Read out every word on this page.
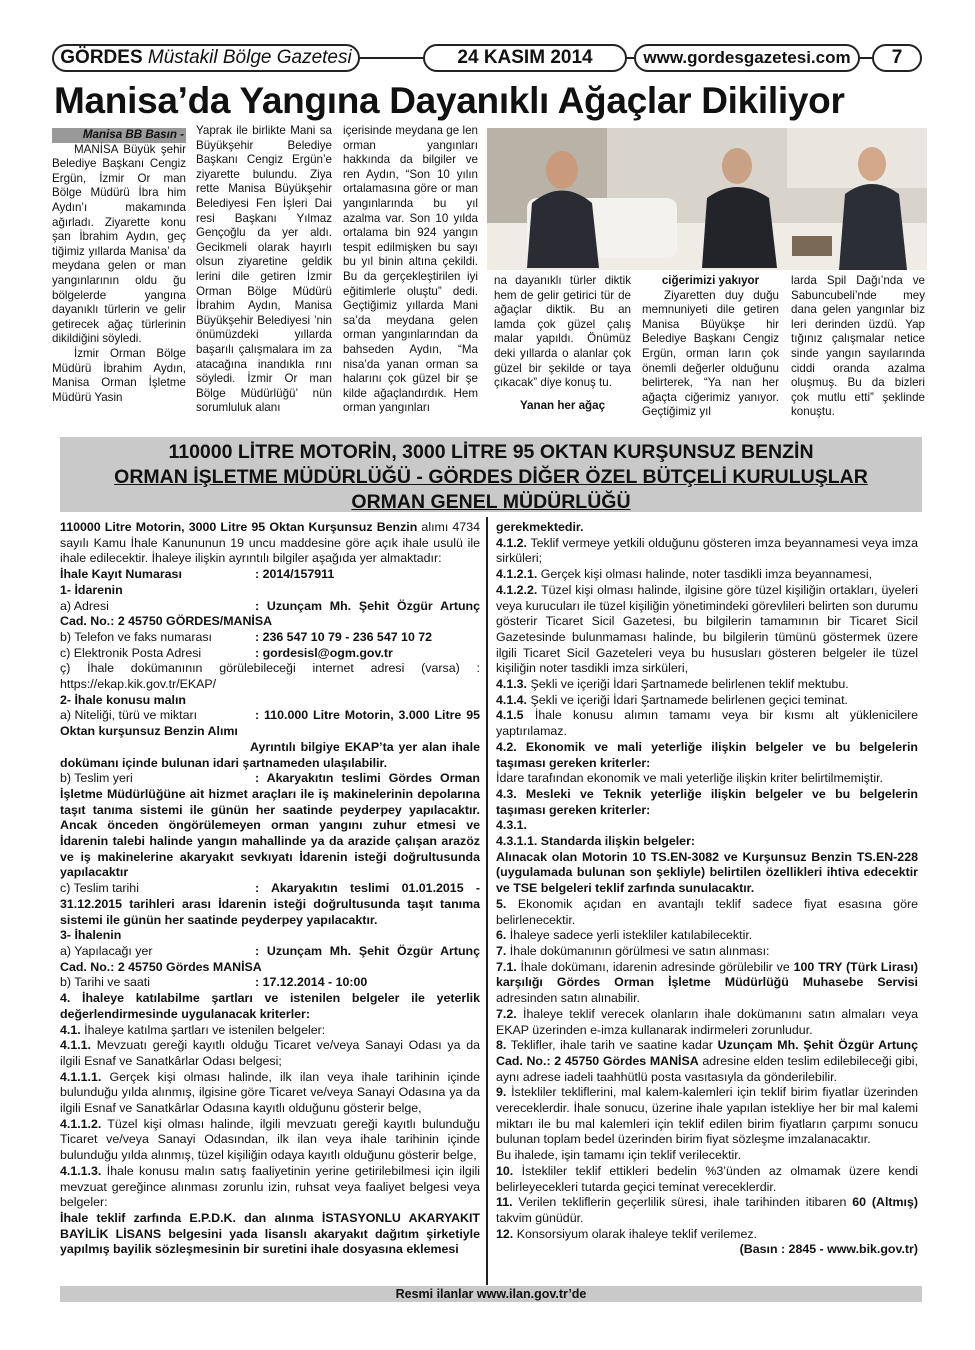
GÖRDES
Müstakil Bölge Gazetesi	24 KASIM 2014	www.gordesgazetesi.com 7
Manisa’da Yangına Dayanıklı Ağaçlar Dikiliyor
Manisa BB Basın -

MANİSA Büyük şehir Belediye Başkanı Cengiz Ergün, İzmir Or man Bölge Müdürü İbra him Aydın’ı makamında ağırladı. Ziyarette konu şan İbrahim Aydın, geç tiğimiz yıllarda Manisa’ da meydana gelen or man yangınlarının oldu ğu bölgelerde yangına dayanıklı türlerin ve gelir getirecek ağaç türlerinin dikildiğini söyledi.

İzmir Orman Bölge Müdürü İbrahim Aydın, Manisa Orman İşletme Müdürü Yasin

Yaprak ile birlikte Mani sa Büyükşehir Belediye Başkanı Cengiz Ergün’e ziyarette bulundu. Ziya rette Manisa Büyükşehir Belediyesi Fen İşleri Dai resi Başkanı Yılmaz Gençoğlu da yer aldı. Gecikmeli olarak hayırlı olsun ziyaretine geldik lerini dile getiren İzmir Orman Bölge Müdürü İbrahim Aydın, Manisa Büyükşehir Belediyesi ’nin önümüzdeki yıllarda başarılı çalışmalara im za atacağına inandıkla rını söyledi. İzmir Or man Bölge Müdürlüğü’ nün sorumluluk alanı

içerisinde meydana ge len orman yangınları hakkında da bilgiler ve ren Aydın, “Son 10 yılın ortalamasına göre or man yangınlarında bu yıl azalma var. Son 10 yılda ortalama bin 924 yangın tespit edilmişken bu sayı bu yıl binin altına çekildi. Bu da gerçekleştirilen iyi eğitimlerle oluştu” dedi. Geçtiğimiz yıllarda Mani sa’da meydana gelen orman yangınlarından da bahseden Aydın, “Ma nisa’da yanan orman sa halarını çok güzel bir şe kilde ağaçlandırdık. Hem orman yangınları

na dayanıklı türler diktik hem de gelir getirici tür de ağaçlar diktik. Bu an lamda çok güzel çalış malar yapıldı. Önümüz deki yıllarda o alanlar çok güzel bir şekilde or taya çıkacak” diye konuş tu.

Yanan her ağaç

ciğerimizi yakıyor

Ziyaretten duy duğu memnuniyeti dile getiren Manisa Büyükşe hir Belediye Başkanı Cengiz Ergün, orman ların çok önemli değerler olduğunu belirterek, “Ya nan her ağaçta ciğerimiz yanıyor. Geçtiğimiz yıl

larda Spil Dağı’nda ve Sabuncubeli’nde mey dana gelen yangınlar biz leri derinden üzdü. Yap tığınız çalışmalar netice sinde yangın sayılarında ciddi oranda azalma oluşmuş. Bu da bizleri çok mutlu etti” şeklinde konuştu.

110000 LİTRE MOTORİN, 3000 LİTRE 95 OKTAN KURŞUNSUZ BENZİN
ORMAN İŞLETME MÜDÜRLÜĞÜ - GÖRDES DİĞER ÖZEL BÜTÇELİ KURULUŞLAR
ORMAN GENEL MÜDÜRLÜĞÜ

110000 Litre Motorin, 3000 Litre 95 Oktan Kurşunsuz Benzin alımı 4734 sayılı Kamu İhale Kanununun 19 uncu maddesine göre açık ihale usulü ile ihale edilecektir. İhaleye ilişkin ayrıntılı bilgiler aşağıda yer almaktadır:

İhale Kayıt Numarası	: 2014/157911

1- İdarenin

a) Adresi	: Uzunçam Mh. Şehit Özgür Artunç Cad. No.: 2 45750 GÖRDES/MANİSA

b) Telefon ve faks numarası	: 236 547 10 79 - 236 547 10 72

c) Elektronik Posta Adresi	: gordesisl@ogm.gov.tr

ç) İhale dokümanının görülebileceği internet adresi (varsa) : https://ekap.kik.gov.tr/EKAP/

2- İhale konusu malın

a) Niteliği, türü ve miktarı	: 110.000 Litre Motorin, 3.000 Litre 95 Oktan kurşunsuz Benzin Alımı

Ayrıntılı bilgiye EKAP’ta yer alan ihale dokümanı içinde bulunan idari şartnameden ulaşılabilir.

b) Teslim yeri	: Akaryakıtın teslimi Gördes Orman İşletme Müdürlüğüne ait hizmet araçları ile iş makinelerinin depolarına taşıt tanıma sistemi ile günün her saatinde peyderpey yapılacaktır. Ancak önceden öngörülemeyen orman yangını zuhur etmesi ve İdarenin talebi halinde yangın mahallinde ya da arazide çalışan arazöz ve iş makinelerine akaryakıt sevkıyatı İdarenin isteği doğrultusunda yapılacaktır

c) Teslim tarihi	: Akaryakıtın teslimi 01.01.2015 - 31.12.2015 tarihleri arası İdarenin isteği doğrultusunda taşıt tanıma sistemi ile günün her saatinde peyderpey yapılacaktır.

3- İhalenin

a) Yapılacağı yer	: Uzunçam Mh. Şehit Özgür Artunç Cad. No.: 2 45750 Gördes MANİSA

b) Tarihi ve saati	: 17.12.2014 - 10:00

4. İhaleye katılabilme şartları ve istenilen belgeler ile yeterlik değerlendirmesinde uygulanacak kriterler:

4.1. İhaleye katılma şartları ve istenilen belgeler:

4.1.1. Mevzuatı gereği kayıtlı olduğu Ticaret ve/veya Sanayi Odası ya da ilgili Esnaf ve Sanatkârlar Odası belgesi;

4.1.1.1. Gerçek kişi olması halinde, ilk ilan veya ihale tarihinin içinde bulunduğu yılda alınmış, ilgisine göre Ticaret ve/veya Sanayi Odasına ya da ilgili Esnaf ve Sanatkârlar Odasına kayıtlı olduğunu gösterir belge,

4.1.1.2. Tüzel kişi olması halinde, ilgili mevzuatı gereği kayıtlı bulunduğu Ticaret ve/veya Sanayi Odasından, ilk ilan veya ihale tarihinin içinde bulunduğu yılda alınmış, tüzel kişiliğin odaya kayıtlı olduğunu gösterir belge,

4.1.1.3. İhale konusu malın satış faaliyetinin yerine getirilebilmesi için ilgili mevzuat gereğince alınması zorunlu izin, ruhsat veya faaliyet belgesi veya belgeler:

İhale teklif zarfında E.P.D.K. dan alınma İSTASYONLU AKARYAKIT BAYİLİK LİSANS belgesini yada lisanslı akaryakıt dağıtım şirketiyle yapılmış bayilik sözleşmesinin bir suretini ihale dosyasına eklemesi

gerekmektedir.

4.1.2. Teklif vermeye yetkili olduğunu gösteren imza beyannamesi veya imza sirküleri;

4.1.2.1. Gerçek kişi olması halinde, noter tasdikli imza beyannamesi,

4.1.2.2. Tüzel kişi olması halinde, ilgisine göre tüzel kişiliğin ortakları, üyeleri veya kurucuları ile tüzel kişiliğin yönetimindeki görevlileri belirten son durumu gösterir Ticaret Sicil Gazetesi, bu bilgilerin tamamının bir Ticaret Sicil Gazetesinde bulunmaması halinde, bu bilgilerin tümünü göstermek üzere ilgili Ticaret Sicil Gazeteleri veya bu hususları gösteren belgeler ile tüzel kişiliğin noter tasdikli imza sirküleri,

4.1.3. Şekli ve içeriği İdari Şartnamede belirlenen teklif mektubu.

4.1.4. Şekli ve içeriği İdari Şartnamede belirlenen geçici teminat.

4.1.5 İhale konusu alımın tamamı veya bir kısmı alt yüklenicilere yaptırılamaz.

4.2. Ekonomik ve mali yeterliğe ilişkin belgeler ve bu belgelerin taşıması gereken kriterler:

İdare tarafından ekonomik ve mali yeterliğe ilişkin kriter belirtilmemiştir.

4.3. Mesleki ve Teknik yeterliğe ilişkin belgeler ve bu belgelerin taşıması gereken kriterler:

4.3.1.

4.3.1.1. Standarda ilişkin belgeler:

Alınacak olan Motorin 10 TS.EN-3082 ve Kurşunsuz Benzin TS.EN-228 (uygulamada bulunan son şekliyle) belirtilen özellikleri ihtiva edecektir ve TSE belgeleri teklif zarfında sunulacaktır.

5. Ekonomik açıdan en avantajlı teklif sadece fiyat esasına göre belirlenecektir.

6. İhaleye sadece yerli istekliler katılabilecektir.

7. İhale dokümanının görülmesi ve satın alınması:

7.1. İhale dokümanı, idarenin adresinde görülebilir ve 100 TRY (Türk Lirası) karşılığı Gördes Orman İşletme Müdürlüğü Muhasebe Servisi adresinden satın alınabilir.

7.2. İhaleye teklif verecek olanların ihale dokümanını satın almaları veya EKAP üzerinden e-imza kullanarak indirmeleri zorunludur.

8. Teklifler, ihale tarih ve saatine kadar Uzunçam Mh. Şehit Özgür Artunç Cad. No.: 2 45750 Gördes MANİSA adresine elden teslim edilebileceği gibi, aynı adrese iadeli taahhütlü posta vasıtasıyla da gönderilebilir.

9. İstekliler tekliflerini, mal kalem-kalemleri için teklif birim fiyatlar üzerinden vereceklerdir. İhale sonucu, üzerine ihale yapılan istekliye her bir mal kalemi miktarı ile bu mal kalemleri için teklif edilen birim fiyatların çarpımı sonucu bulunan toplam bedel üzerinden birim fiyat sözleşme imzalanacaktır.

Bu ihalede, işin tamamı için teklif verilecektir.

10. İstekliler teklif ettikleri bedelin %3’ünden az olmamak üzere kendi belirleyecekleri tutarda geçici teminat vereceklerdir.

11. Verilen tekliflerin geçerlilik süresi, ihale tarihinden itibaren 60 (Altmış) takvim günüdür.

12. Konsorsiyum olarak ihaleye teklif verilemez.

(Basın : 2845 - www.bik.gov.tr)

Resmi ilanlar www.ilan.gov.tr’de
